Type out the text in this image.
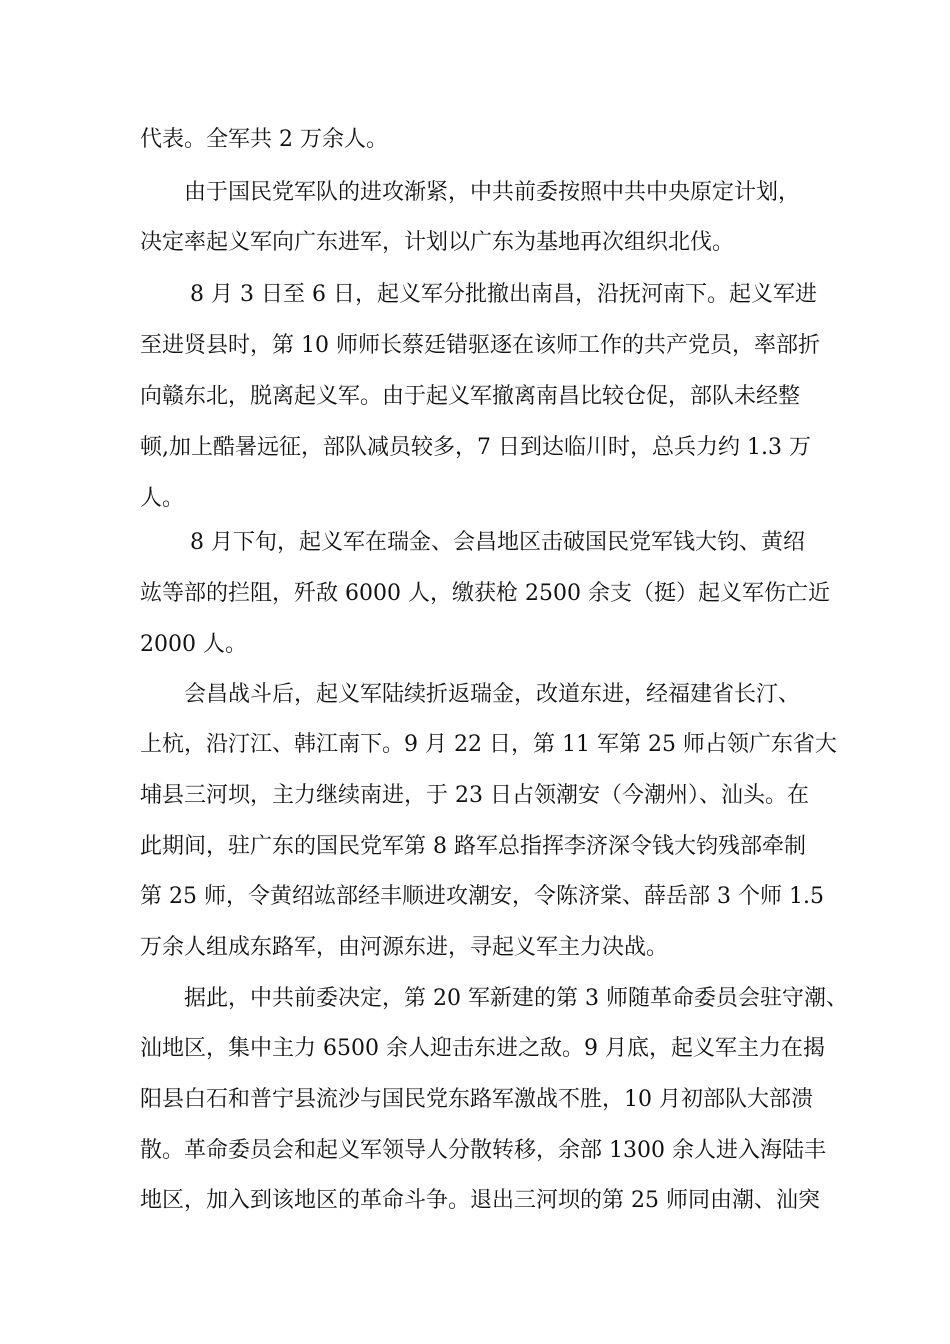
代表。全军共 2 万余人。
由于国民党军队的进攻渐紧，中共前委按照中共中央原定计划，
决定率起义军向广东进军，计划以广东为基地再次组织北伐。
8 月 3 日至 6 日，起义军分批撤出南昌，沿抚河南下。起义军进
至进贤县时，第 10 师师长蔡廷错驱逐在该师工作的共产党员，率部折
向赣东北，脱离起义军。由于起义军撤离南昌比较仓促，部队未经整
顿,加上酷暑远征，部队减员较多，7 日到达临川时，总兵力约 1.3 万
人。
8 月下旬，起义军在瑞金、会昌地区击破国民党军钱大钧、黄绍
竑等部的拦阻，歼敌 6000 人，缴获枪 2500 余支（挺）起义军伤亡近
2000 人。
会昌战斗后，起义军陆续折返瑞金，改道东进，经福建省长汀、
上杭，沿汀江、韩江南下。9 月 22 日，第 11 军第 25 师占领广东省大
埔县三河坝，主力继续南进，于 23 日占领潮安（今潮州）、汕头。在
此期间，驻广东的国民党军第 8 路军总指挥李济深令钱大钧残部牵制
第 25 师，令黄绍竑部经丰顺进攻潮安，令陈济棠、薛岳部 3 个师 1.5
万余人组成东路军，由河源东进，寻起义军主力决战。
据此，中共前委决定，第 20 军新建的第 3 师随革命委员会驻守潮、
汕地区，集中主力 6500 余人迎击东进之敌。9 月底，起义军主力在揭
阳县白石和普宁县流沙与国民党东路军激战不胜，10 月初部队大部溃
散。革命委员会和起义军领导人分散转移，余部 1300 余人进入海陆丰
地区，加入到该地区的革命斗争。退出三河坝的第 25 师同由潮、汕突
